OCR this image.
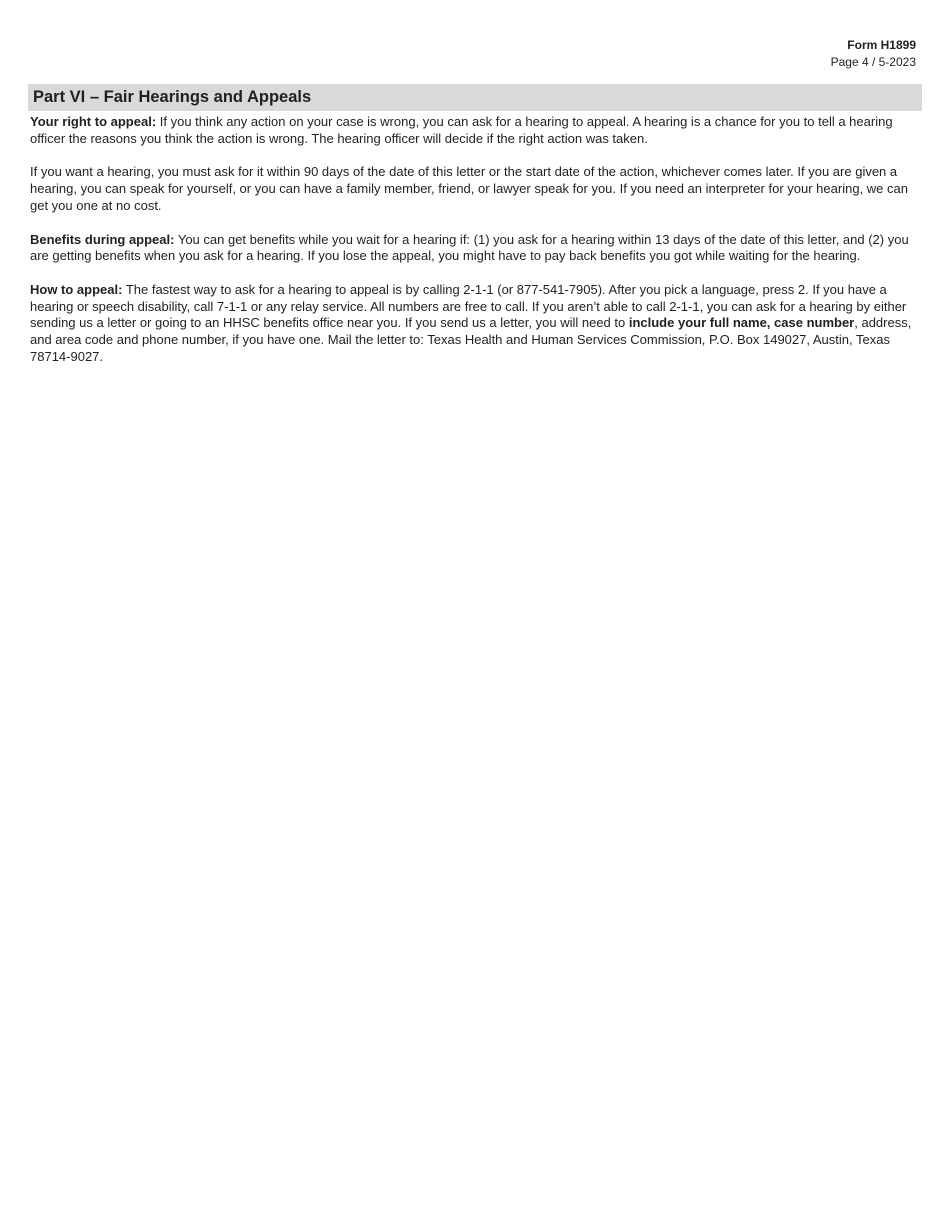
Form H1899
Page 4 / 5-2023
Part VI – Fair Hearings and Appeals

Your right to appeal: If you think any action on your case is wrong, you can ask for a hearing to appeal. A hearing is a chance for you to tell a hearing officer the reasons you think the action is wrong. The hearing officer will decide if the right action was taken.

If you want a hearing, you must ask for it within 90 days of the date of this letter or the start date of the action, whichever comes later. If you are given a hearing, you can speak for yourself, or you can have a family member, friend, or lawyer speak for you. If you need an interpreter for your hearing, we can get you one at no cost.

Benefits during appeal: You can get benefits while you wait for a hearing if: (1) you ask for a hearing within 13 days of the date of this letter, and (2) you are getting benefits when you ask for a hearing. If you lose the appeal, you might have to pay back benefits you got while waiting for the hearing.

How to appeal: The fastest way to ask for a hearing to appeal is by calling 2-1-1 (or 877-541-7905). After you pick a language, press 2. If you have a hearing or speech disability, call 7-1-1 or any relay service. All numbers are free to call. If you aren’t able to call 2-1-1, you can ask for a hearing by either sending us a letter or going to an HHSC benefits office near you. If you send us a letter, you will need to include your full name, case number, address, and area code and phone number, if you have one. Mail the letter to: Texas Health and Human Services Commission, P.O. Box 149027, Austin, Texas 78714-9027.
